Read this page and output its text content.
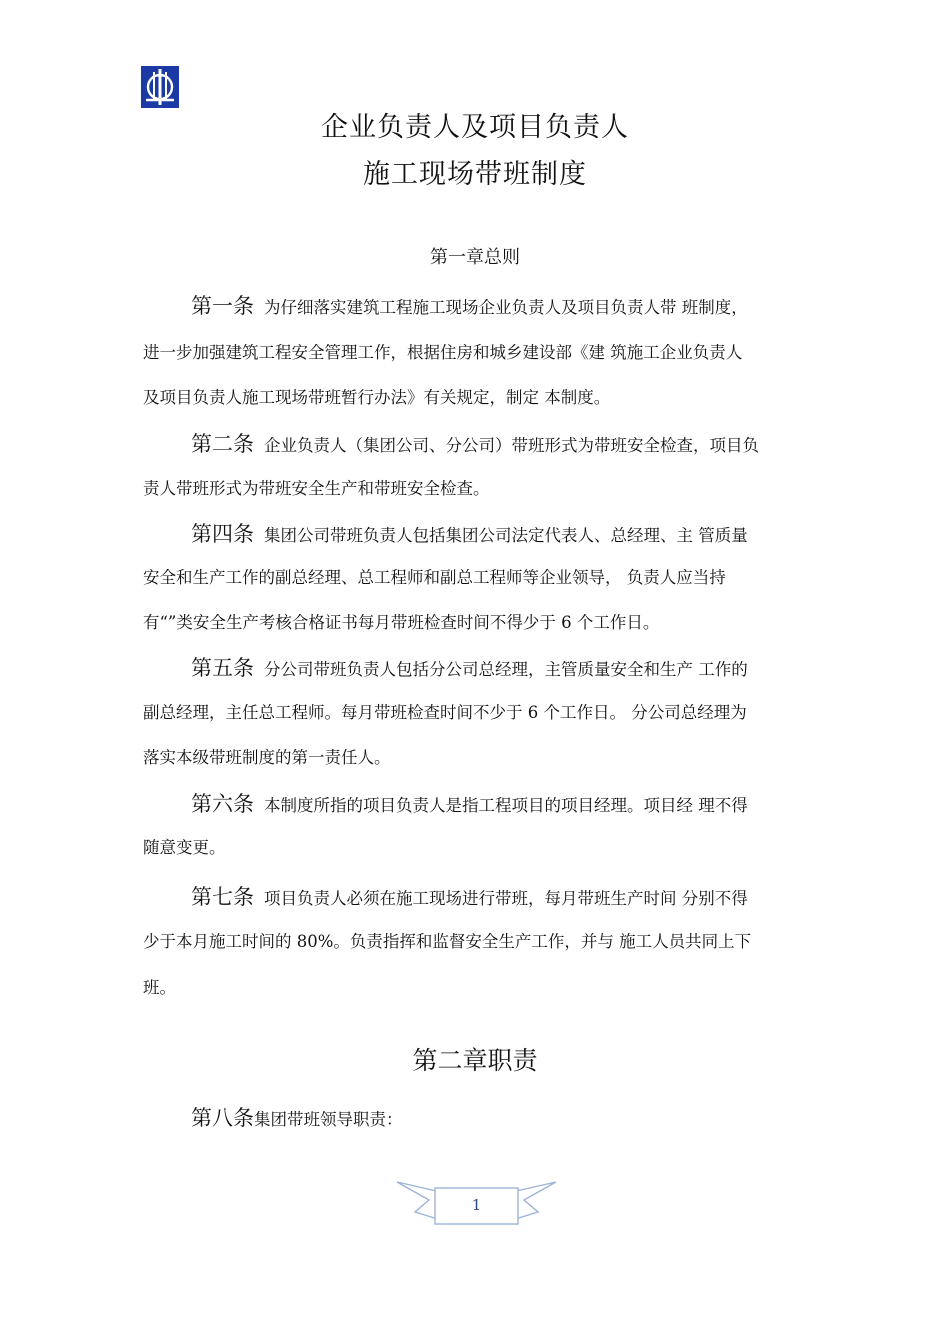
企业负责人及项目负责人
施工现场带班制度
第一章总则
第一条 为仔细落实建筑工程施工现场企业负责人及项目负责人带 班制度，
进一步加强建筑工程安全管理工作，根据住房和城乡建设部《建 筑施工企业负责人
及项目负责人施工现场带班暂行办法》有关规定，制定 本制度。
第二条 企业负责人（集团公司、分公司）带班形式为带班安全检查，项目负
责人带班形式为带班安全生产和带班安全检查。
第四条 集团公司带班负责人包括集团公司法定代表人、总经理、主 管质量
安全和生产工作的副总经理、总工程师和副总工程师等企业领导， 负责人应当持
有“”类安全生产考核合格证书每月带班检查时间不得少于 6 个工作日。
第五条 分公司带班负责人包括分公司总经理，主管质量安全和生产 工作的
副总经理，主任总工程师。每月带班检查时间不少于 6 个工作日。 分公司总经理为
落实本级带班制度的第一责任人。
第六条 本制度所指的项目负责人是指工程项目的项目经理。项目经 理不得
随意变更。
第七条 项目负责人必须在施工现场进行带班，每月带班生产时间 分别不得
少于本月施工时间的 80%。负责指挥和监督安全生产工作，并与 施工人员共同上下
班。
第二章职责
第八条集团带班领导职责：
1
